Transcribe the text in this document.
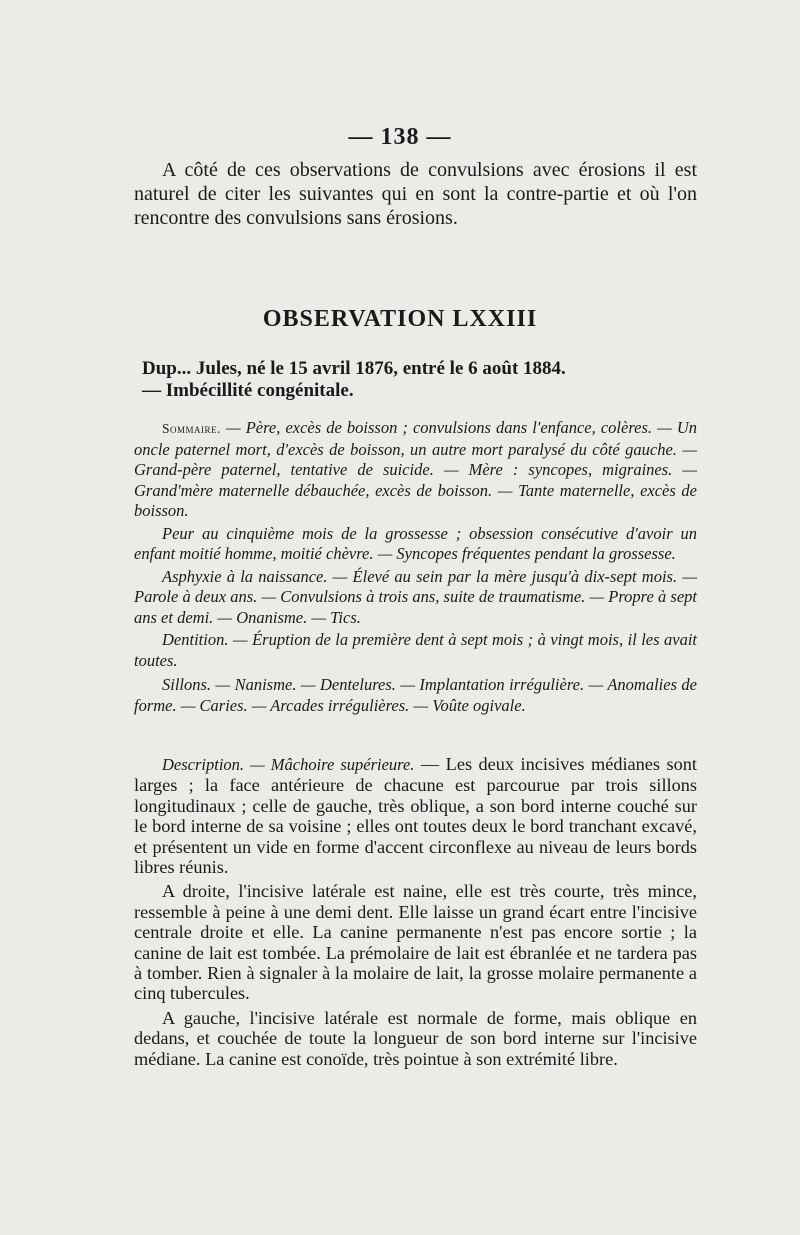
— 138 —
A côté de ces observations de convulsions avec érosions il est naturel de citer les suivantes qui en sont la contre-partie et où l'on rencontre des convulsions sans érosions.
OBSERVATION LXXIII

Dup... Jules, né le 15 avril 1876, entré le 6 août 1884.

— Imbécillité congénitale.

Sommaire. — Père, excès de boisson ; convulsions dans l'enfance, colères. — Un oncle paternel mort, d'excès de boisson, un autre mort paralysé du côté gauche. — Grand-père paternel, tentative de suicide. — Mère : syncopes, migraines. — Grand'mère maternelle débauchée, excès de boisson. — Tante maternelle, excès de boisson.

Peur au cinquième mois de la grossesse ; obsession consécutive d'avoir un enfant moitié homme, moitié chèvre. — Syncopes fréquentes pendant la grossesse.

Asphyxie à la naissance. — Élevé au sein par la mère jusqu'à dix-sept mois. — Parole à deux ans. — Convulsions à trois ans, suite de traumatisme. — Propre à sept ans et demi. — Onanisme. — Tics.

Dentition. — Éruption de la première dent à sept mois ; à vingt mois, il les avait toutes.

Sillons. — Nanisme. — Dentelures. — Implantation irrégulière. — Anomalies de forme. — Caries. — Arcades irrégulières. — Voûte ogivale.

Description. — Mâchoire supérieure. — Les deux incisives médianes sont larges ; la face antérieure de chacune est parcourue par trois sillons longitudinaux ; celle de gauche, très oblique, a son bord interne couché sur le bord interne de sa voisine ; elles ont toutes deux le bord tranchant excavé, et présentent un vide en forme d'accent circonflexe au niveau de leurs bords libres réunis.

A droite, l'incisive latérale est naine, elle est très courte, très mince, ressemble à peine à une demi dent. Elle laisse un grand écart entre l'incisive centrale droite et elle. La canine permanente n'est pas encore sortie ; la canine de lait est tombée. La prémolaire de lait est ébranlée et ne tardera pas à tomber. Rien à signaler à la molaire de lait, la grosse molaire permanente a cinq tubercules.

A gauche, l'incisive latérale est normale de forme, mais oblique en dedans, et couchée de toute la longueur de son bord interne sur l'incisive médiane. La canine est conoïde, très pointue à son extrémité libre.
